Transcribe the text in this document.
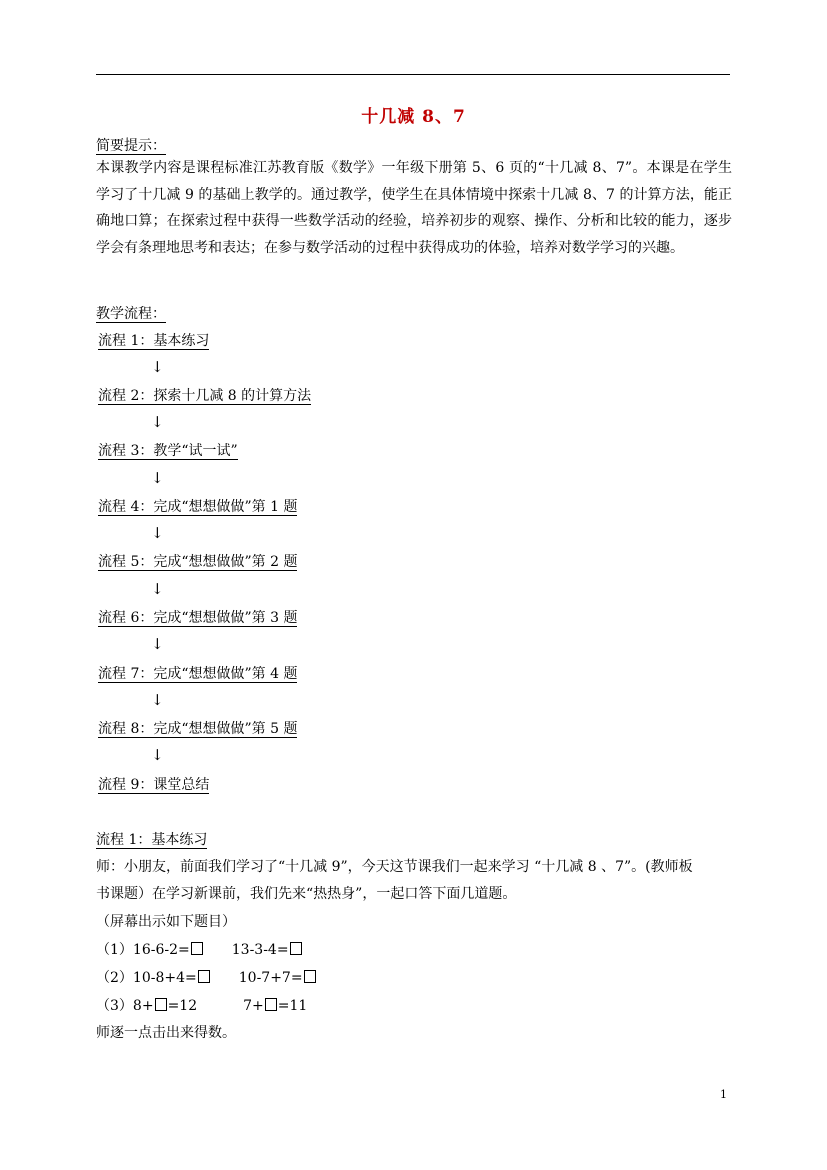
十几减 8、7
简要提示：
本课教学内容是课程标准江苏教育版《数学》一年级下册第 5、6 页的“十几减 8、7”。本课是在学生学习了十几减 9 的基础上教学的。通过教学，使学生在具体情境中探索十几减 8、7 的计算方法，能正确地口算；在探索过程中获得一些数学活动的经验，培养初步的观察、操作、分析和比较的能力，逐步学会有条理地思考和表达；在参与数学活动的过程中获得成功的体验，培养对数学学习的兴趣。
教学流程：
流程 1：基本练习
↓
流程 2：探索十几减 8 的计算方法
↓
流程 3：教学“试一试”
↓
流程 4：完成“想想做做”第 1 题
↓
流程 5：完成“想想做做”第 2 题
↓
流程 6：完成“想想做做”第 3 题
↓
流程 7：完成“想想做做”第 4 题
↓
流程 8：完成“想想做做”第 5 题
↓
流程 9：课堂总结
流程 1：基本练习
师：小朋友，前面我们学习了“十几减 9”，今天这节课我们一起来学习 “十几减 8 、7”。(教师板
书课题）在学习新课前，我们先来“热热身”，一起口答下面几道题。
（屏幕出示如下题目）
（1）16-6-2=	13-3-4=
（2）10-8+4=	10-7+7=
（3）8+ =12	7+ =11
师逐一点击出来得数。
1
